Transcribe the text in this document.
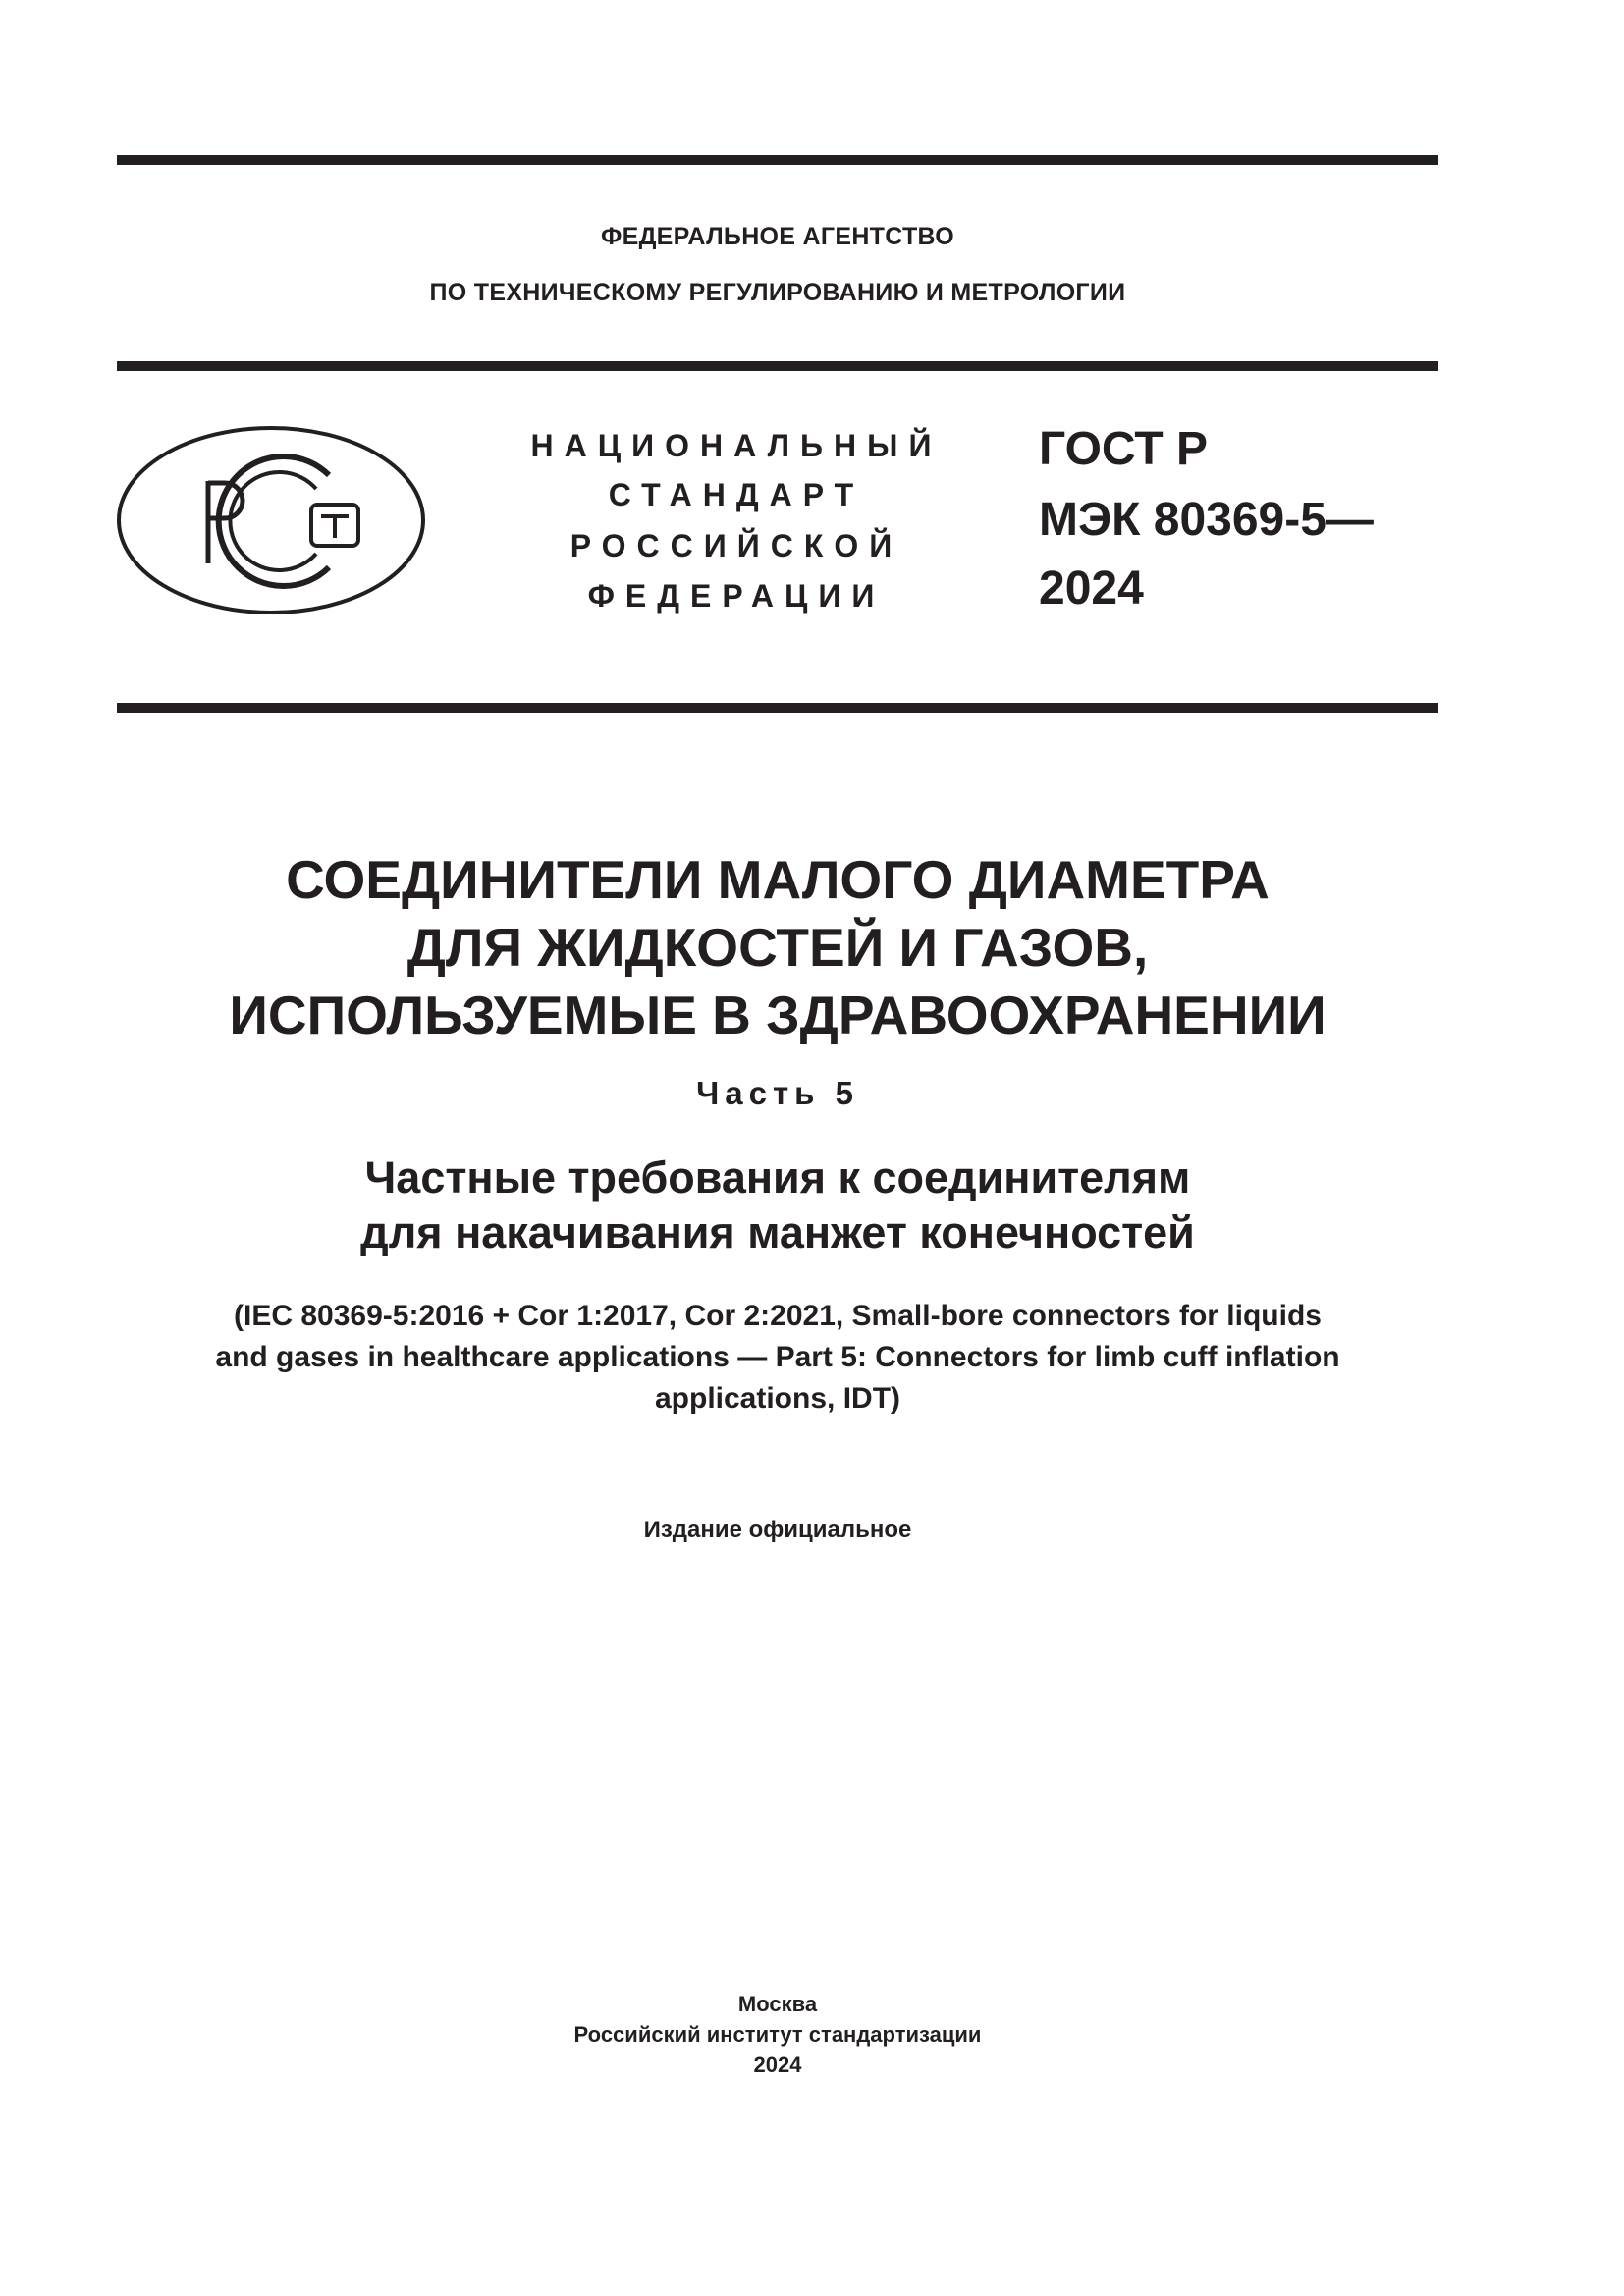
ФЕДЕРАЛЬНОЕ АГЕНТСТВО
ПО ТЕХНИЧЕСКОМУ РЕГУЛИРОВАНИЮ И МЕТРОЛОГИИ
НАЦИОНАЛЬНЫЙ
СТАНДАРТ
РОССИЙСКОЙ
ФЕДЕРАЦИИ
ГОСТ Р
МЭК 80369-5—
2024
СОЕДИНИТЕЛИ МАЛОГО ДИАМЕТРА
ДЛЯ ЖИДКОСТЕЙ И ГАЗОВ,
ИСПОЛЬЗУЕМЫЕ В ЗДРАВООХРАНЕНИИ
Часть 5
Частные требования к соединителям
для накачивания манжет конечностей
(IEC 80369-5:2016 + Cor 1:2017, Cor 2:2021, Small-bore connectors for liquids
and gases in healthcare applications — Part 5: Connectors for limb cuff inflation
applications, IDT)
Издание официальное
Москва
Российский институт стандартизации
2024
